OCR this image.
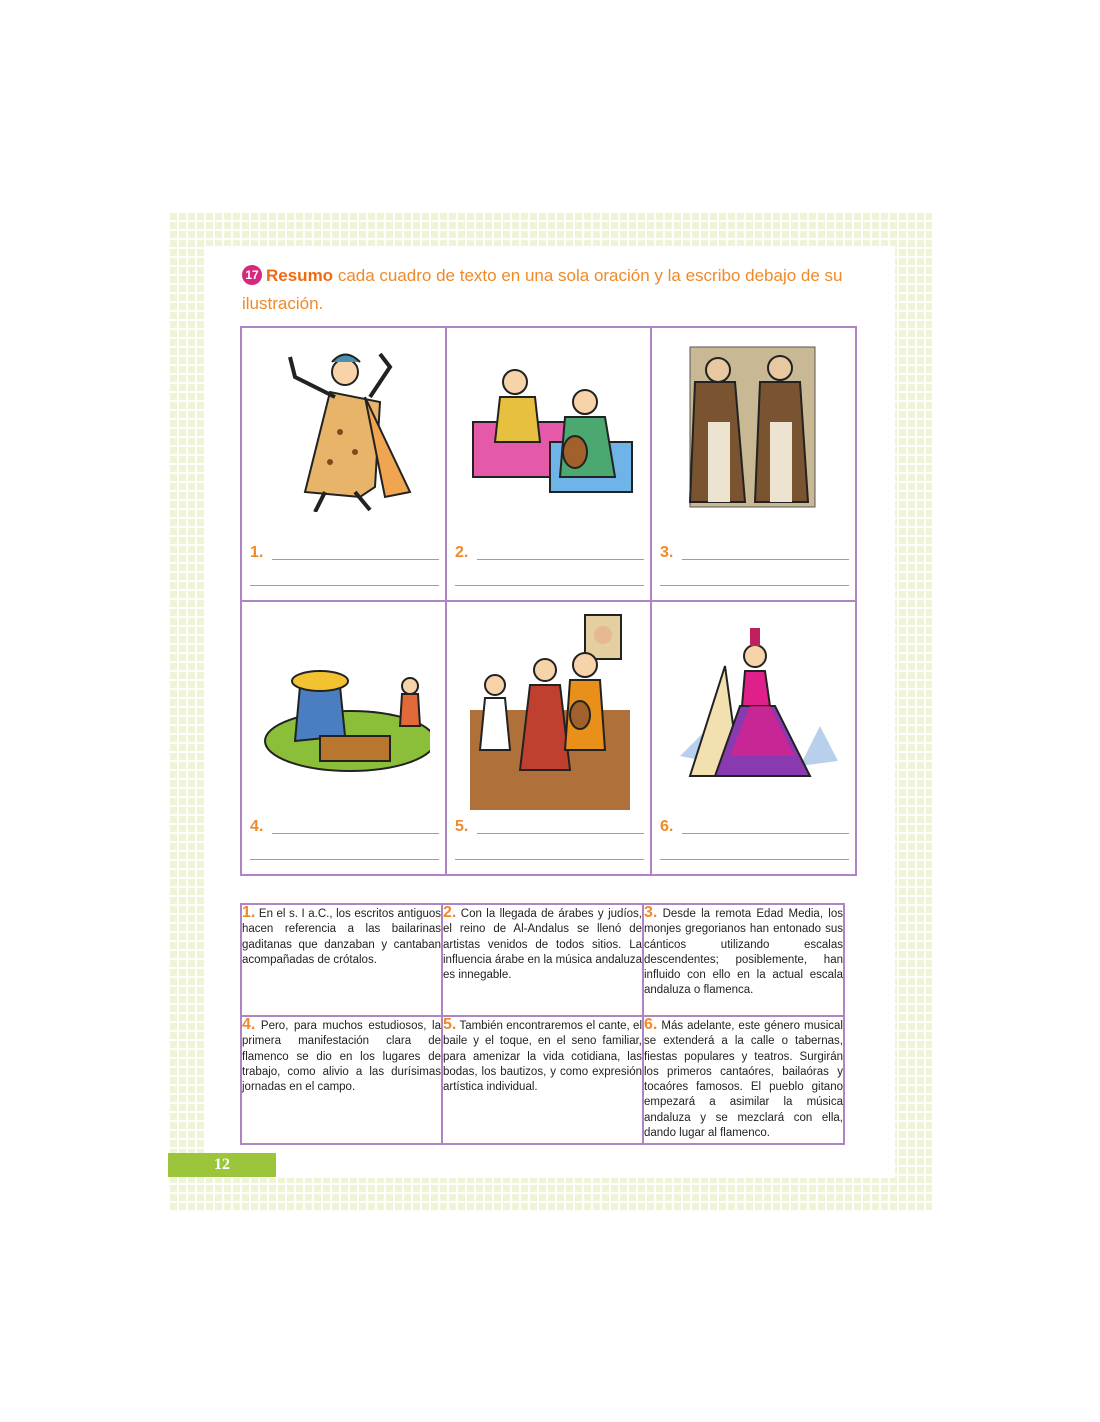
17 Resumo cada cuadro de texto en una sola oración y la escribo debajo de su ilustración.
1.	2.	3.

4.	5.	6.
1. En el s. I a.C., los escritos antiguos hacen referencia a las bailarinas gaditanas que danzaban y cantaban acompañadas de crótalos.	2. Con la llegada de árabes y judíos, el reino de Al-Andalus se llenó de artistas venidos de todos sitios. La influencia árabe en la música andaluza es innegable.	3. Desde la remota Edad Media, los monjes gregorianos han entonado sus cánticos utilizando escalas descendentes; posiblemente, han influido con ello en la actual escala andaluza o flamenca.
4. Pero, para muchos estudiosos, la primera manifestación clara de flamenco se dio en los lugares de trabajo, como alivio a las durísimas jornadas en el campo.	5. También encontraremos el cante, el baile y el toque, en el seno familiar, para amenizar la vida cotidiana, las bodas, los bautizos, y como expresión artística individual.	6. Más adelante, este género musical se extenderá a la calle o tabernas, fiestas populares y teatros. Surgirán los primeros cantaóres, bailaóras y tocaóres famosos. El pueblo gitano empezará a asimilar la música andaluza y se mezclará con ella, dando lugar al flamenco.
12
